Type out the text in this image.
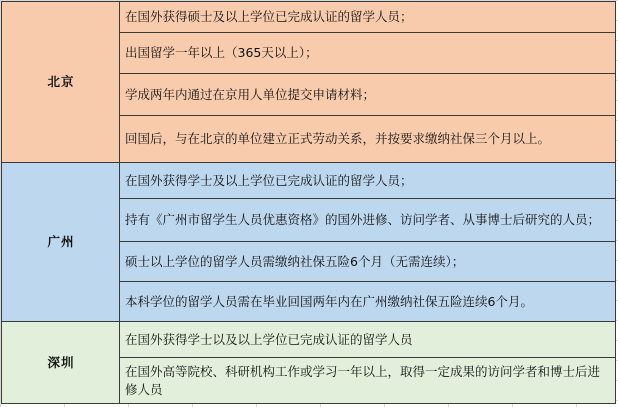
北京	在国外获得硕士及以上学位已完成认证的留学人员；
	出国留学一年以上（365天以上）；
	学成两年内通过在京用人单位提交申请材料；
	回国后，与在北京的单位建立正式劳动关系，并按要求缴纳社保三个月以上。
广州	在国外获得学士及以上学位已完成认证的留学人员；
	持有《广州市留学生人员优惠资格》的国外进修、访问学者、从事博士后研究的人员；
	硕士以上学位的留学人员需缴纳社保五险6个月（无需连续）；
	本科学位的留学人员需在毕业回国两年内在广州缴纳社保五险连续6个月。
深圳	在国外获得学士以及以上学位已完成认证的留学人员
	在国外高等院校、科研机构工作或学习一年以上，取得一定成果的访问学者和博士后进修人员
